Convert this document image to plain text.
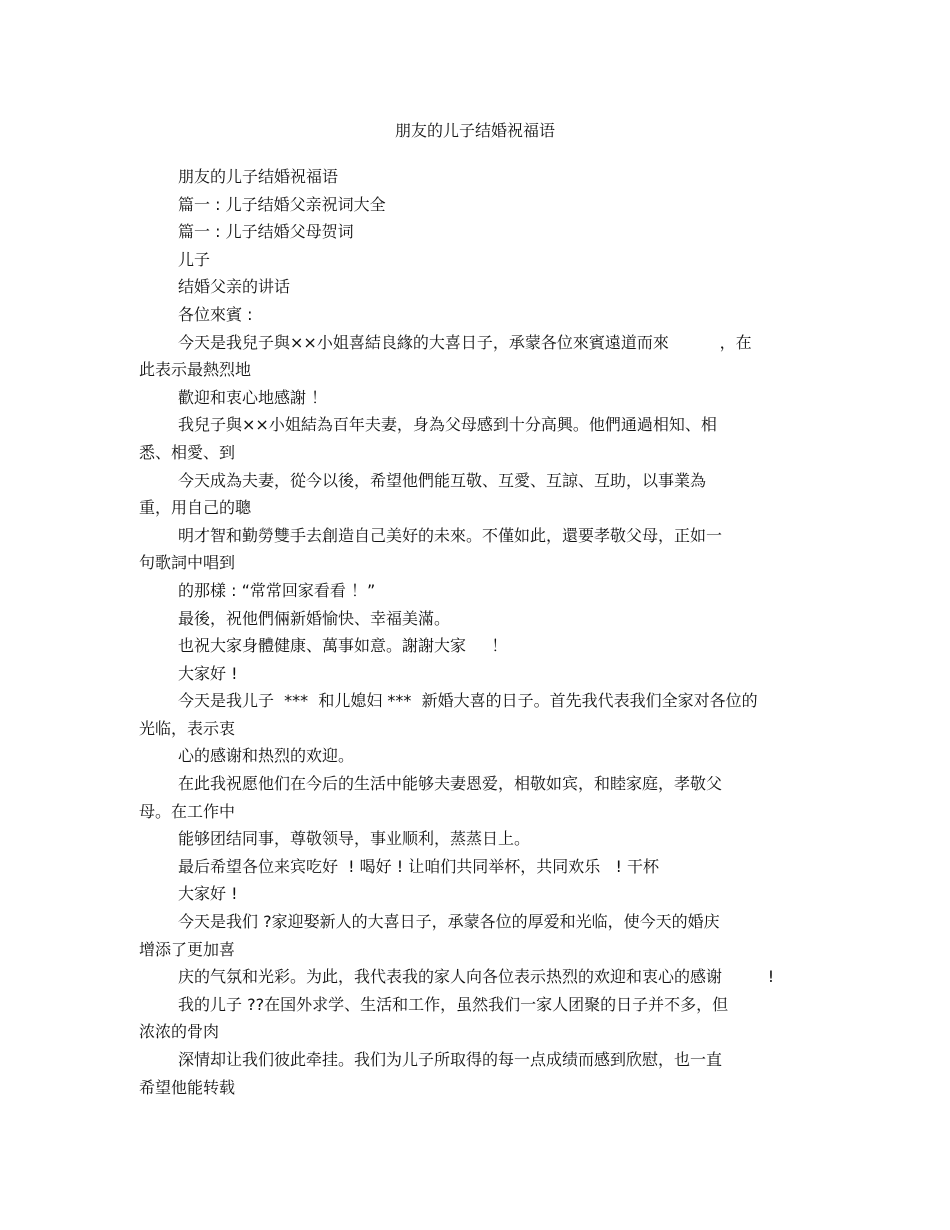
朋友的儿子结婚祝福语
朋友的儿子结婚祝福语
篇一 : 儿子结婚父亲祝词大全
篇一 : 儿子结婚父母贺词
儿子
结婚父亲的讲话
各位來賓 :
今天是我兒子與××小姐喜結良緣的大喜日子，承蒙各位來賓遠道而來          ，在
此表示最熱烈地
歡迎和衷心地感謝 ！
我兒子與××小姐結為百年夫妻，身為父母感到十分高興。他們通過相知、相
悉、相愛、到
今天成為夫妻，從今以後，希望他們能互敬、互愛、互諒、互助，以事業為
重，用自己的聰
明才智和勤勞雙手去創造自己美好的未來。不僅如此，還要孝敬父母，正如一
句歌詞中唱到
的那樣 : “常常回家看看 ！”
最後，祝他們倆新婚愉快、幸福美滿。
也祝大家身體健康、萬事如意。謝謝大家     ！
大家好 !
今天是我儿子  ***  和儿媳妇 ***  新婚大喜的日子。首先我代表我们全家对各位的
光临，表示衷
心的感谢和热烈的欢迎。
在此我祝愿他们在今后的生活中能够夫妻恩爱，相敬如宾，和睦家庭，孝敬父
母。在工作中
能够团结同事，尊敬领导，事业顺利，蒸蒸日上。
最后希望各位来宾吃好  ! 喝好 ! 让咱们共同举杯，共同欢乐   ! 干杯
大家好 !
今天是我们 ?家迎娶新人的大喜日子，承蒙各位的厚爱和光临，使今天的婚庆
增添了更加喜
庆的气氛和光彩。为此，我代表我的家人向各位表示热烈的欢迎和衷心的感谢         !
我的儿子 ??在国外求学、生活和工作，虽然我们一家人团聚的日子并不多，但
浓浓的骨肉
深情却让我们彼此牵挂。我们为儿子所取得的每一点成绩而感到欣慰，也一直
希望他能转载
